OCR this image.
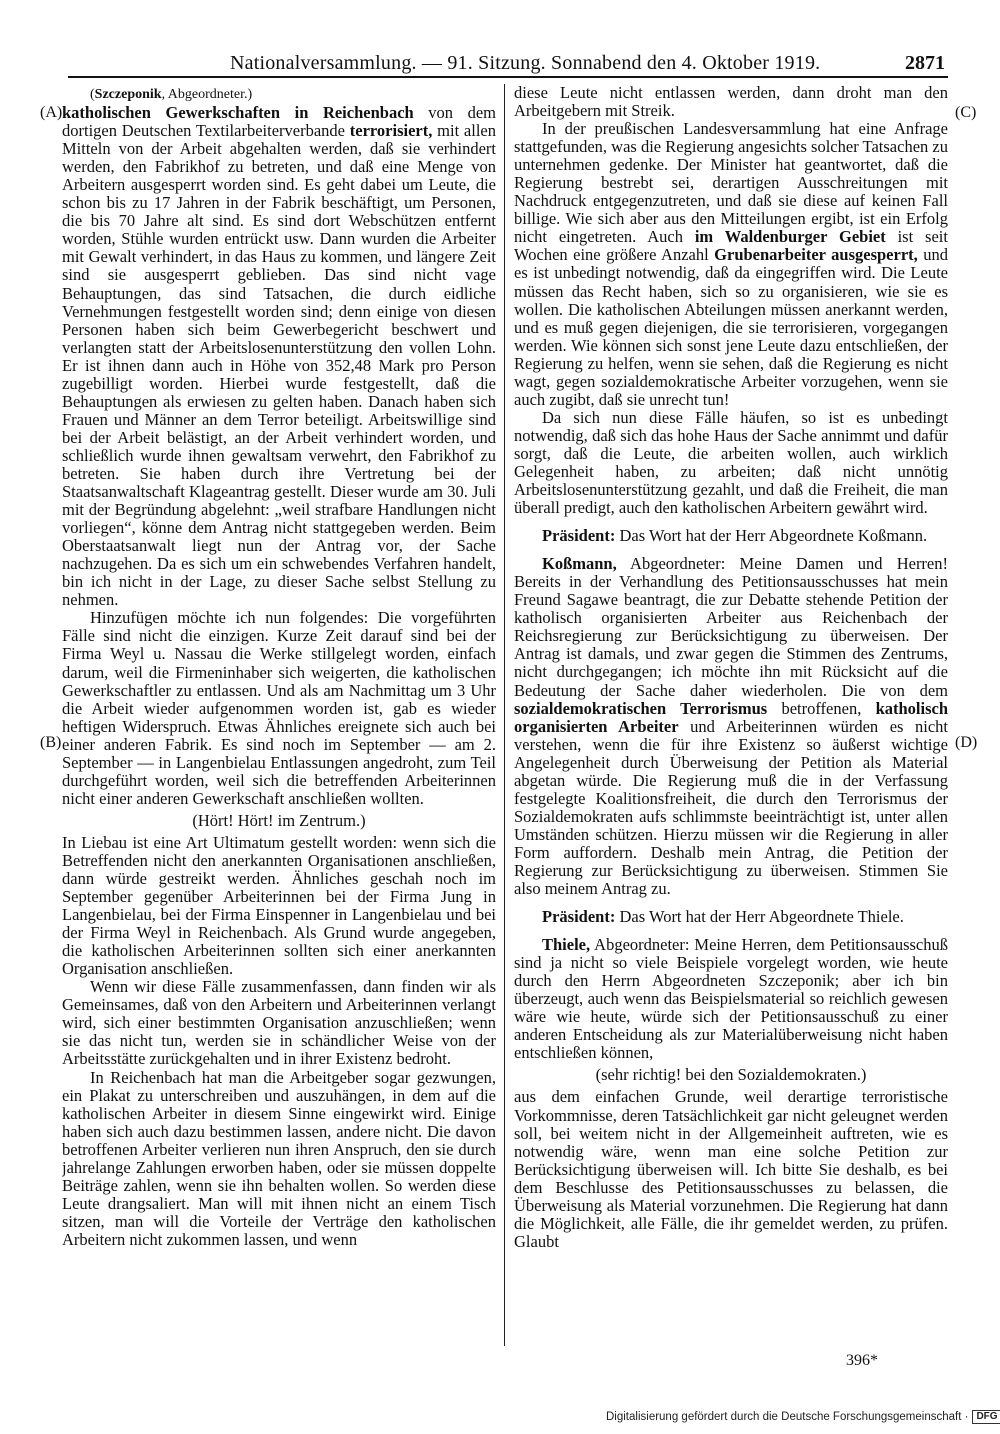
Nationalversammlung. — 91. Sitzung. Sonnabend den 4. Oktober 1919.	2871
(A)
(B)
(C)
(D)

(Szczeponik, Abgeordneter.)

katholischen Gewerkschaften in Reichenbach von dem dortigen Deutschen Textilarbeiterverbande terrorisiert, mit allen Mitteln von der Arbeit abgehalten werden, daß sie verhindert werden, den Fabrikhof zu betreten, und daß eine Menge von Arbeitern ausgesperrt worden sind. Es geht dabei um Leute, die schon bis zu 17 Jahren in der Fabrik beschäftigt, um Personen, die bis 70 Jahre alt sind. Es sind dort Webschützen entfernt worden, Stühle wurden entrückt usw. Dann wurden die Arbeiter mit Gewalt verhindert, in das Haus zu kommen, und längere Zeit sind sie ausgesperrt geblieben. Das sind nicht vage Behauptungen, das sind Tatsachen, die durch eidliche Vernehmungen festgestellt worden sind; denn einige von diesen Personen haben sich beim Gewerbegericht beschwert und verlangten statt der Arbeitslosenunterstützung den vollen Lohn. Er ist ihnen dann auch in Höhe von 352,48 Mark pro Person zugebilligt worden. Hierbei wurde festgestellt, daß die Behauptungen als erwiesen zu gelten haben. Danach haben sich Frauen und Männer an dem Terror beteiligt. Arbeitswillige sind bei der Arbeit belästigt, an der Arbeit verhindert worden, und schließlich wurde ihnen gewaltsam verwehrt, den Fabrikhof zu betreten. Sie haben durch ihre Vertretung bei der Staatsanwaltschaft Klageantrag gestellt. Dieser wurde am 30. Juli mit der Begründung abgelehnt: „weil strafbare Handlungen nicht vorliegen“, könne dem Antrag nicht stattgegeben werden. Beim Oberstaatsanwalt liegt nun der Antrag vor, der Sache nachzugehen. Da es sich um ein schwebendes Verfahren handelt, bin ich nicht in der Lage, zu dieser Sache selbst Stellung zu nehmen.

Hinzufügen möchte ich nun folgendes: Die vorgeführten Fälle sind nicht die einzigen. Kurze Zeit darauf sind bei der Firma Weyl u. Nassau die Werke stillgelegt worden, einfach darum, weil die Firmeninhaber sich weigerten, die katholischen Gewerkschaftler zu entlassen. Und als am Nachmittag um 3 Uhr die Arbeit wieder aufgenommen worden ist, gab es wieder heftigen Widerspruch. Etwas Ähnliches ereignete sich auch bei einer anderen Fabrik. Es sind noch im September — am 2. September — in Langenbielau Entlassungen angedroht, zum Teil durchgeführt worden, weil sich die betreffenden Arbeiterinnen nicht einer anderen Gewerkschaft anschließen wollten.

(Hört! Hört! im Zentrum.)

In Liebau ist eine Art Ultimatum gestellt worden: wenn sich die Betreffenden nicht den anerkannten Organisationen anschließen, dann würde gestreikt werden. Ähnliches geschah noch im September gegenüber Arbeiterinnen bei der Firma Jung in Langenbielau, bei der Firma Einspenner in Langenbielau und bei der Firma Weyl in Reichenbach. Als Grund wurde angegeben, die katholischen Arbeiterinnen sollten sich einer anerkannten Organisation anschließen.

Wenn wir diese Fälle zusammenfassen, dann finden wir als Gemeinsames, daß von den Arbeitern und Arbeiterinnen verlangt wird, sich einer bestimmten Organisation anzuschließen; wenn sie das nicht tun, werden sie in schändlicher Weise von der Arbeitsstätte zurückgehalten und in ihrer Existenz bedroht.

In Reichenbach hat man die Arbeitgeber sogar gezwungen, ein Plakat zu unterschreiben und auszuhängen, in dem auf die katholischen Arbeiter in diesem Sinne eingewirkt wird. Einige haben sich auch dazu bestimmen lassen, andere nicht. Die davon betroffenen Arbeiter verlieren nun ihren Anspruch, den sie durch jahrelange Zahlungen erworben haben, oder sie müssen doppelte Beiträge zahlen, wenn sie ihn behalten wollen. So werden diese Leute drangsaliert. Man will mit ihnen nicht an einem Tisch sitzen, man will die Vorteile der Verträge den katholischen Arbeitern nicht zukommen lassen, und wenn

diese Leute nicht entlassen werden, dann droht man den Arbeitgebern mit Streik.

In der preußischen Landesversammlung hat eine Anfrage stattgefunden, was die Regierung angesichts solcher Tatsachen zu unternehmen gedenke. Der Minister hat geantwortet, daß die Regierung bestrebt sei, derartigen Ausschreitungen mit Nachdruck entgegenzutreten, und daß sie diese auf keinen Fall billige. Wie sich aber aus den Mitteilungen ergibt, ist ein Erfolg nicht eingetreten. Auch im Waldenburger Gebiet ist seit Wochen eine größere Anzahl Grubenarbeiter ausgesperrt, und es ist unbedingt notwendig, daß da eingegriffen wird. Die Leute müssen das Recht haben, sich so zu organisieren, wie sie es wollen. Die katholischen Abteilungen müssen anerkannt werden, und es muß gegen diejenigen, die sie terrorisieren, vorgegangen werden. Wie können sich sonst jene Leute dazu entschließen, der Regierung zu helfen, wenn sie sehen, daß die Regierung es nicht wagt, gegen sozialdemokratische Arbeiter vorzugehen, wenn sie auch zugibt, daß sie unrecht tun!

Da sich nun diese Fälle häufen, so ist es unbedingt notwendig, daß sich das hohe Haus der Sache annimmt und dafür sorgt, daß die Leute, die arbeiten wollen, auch wirklich Gelegenheit haben, zu arbeiten; daß nicht unnötig Arbeitslosenunterstützung gezahlt, und daß die Freiheit, die man überall predigt, auch den katholischen Arbeitern gewährt wird.

Präsident: Das Wort hat der Herr Abgeordnete Koßmann.

Koßmann, Abgeordneter: Meine Damen und Herren! Bereits in der Verhandlung des Petitionsausschusses hat mein Freund Sagawe beantragt, die zur Debatte stehende Petition der katholisch organisierten Arbeiter aus Reichenbach der Reichsregierung zur Berücksichtigung zu überweisen. Der Antrag ist damals, und zwar gegen die Stimmen des Zentrums, nicht durchgegangen; ich möchte ihn mit Rücksicht auf die Bedeutung der Sache daher wiederholen. Die von dem sozialdemokratischen Terrorismus betroffenen, katholisch organisierten Arbeiter und Arbeiterinnen würden es nicht verstehen, wenn die für ihre Existenz so äußerst wichtige Angelegenheit durch Überweisung der Petition als Material abgetan würde. Die Regierung muß die in der Verfassung festgelegte Koalitionsfreiheit, die durch den Terrorismus der Sozialdemokraten aufs schlimmste beeinträchtigt ist, unter allen Umständen schützen. Hierzu müssen wir die Regierung in aller Form auffordern. Deshalb mein Antrag, die Petition der Regierung zur Berücksichtigung zu überweisen. Stimmen Sie also meinem Antrag zu.

Präsident: Das Wort hat der Herr Abgeordnete Thiele.

Thiele, Abgeordneter: Meine Herren, dem Petitionsausschuß sind ja nicht so viele Beispiele vorgelegt worden, wie heute durch den Herrn Abgeordneten Szczeponik; aber ich bin überzeugt, auch wenn das Beispielsmaterial so reichlich gewesen wäre wie heute, würde sich der Petitionsausschuß zu einer anderen Entscheidung als zur Materialüberweisung nicht haben entschließen können,

(sehr richtig! bei den Sozialdemokraten.)

aus dem einfachen Grunde, weil derartige terroristische Vorkommnisse, deren Tatsächlichkeit gar nicht geleugnet werden soll, bei weitem nicht in der Allgemeinheit auftreten, wie es notwendig wäre, wenn man eine solche Petition zur Berücksichtigung überweisen will. Ich bitte Sie deshalb, es bei dem Beschlusse des Petitionsausschusses zu belassen, die Überweisung als Material vorzunehmen. Die Regierung hat dann die Möglichkeit, alle Fälle, die ihr gemeldet werden, zu prüfen. Glaubt

396*
Digitalisierung gefördert durch die Deutsche Forschungsgemeinschaft · DFG
